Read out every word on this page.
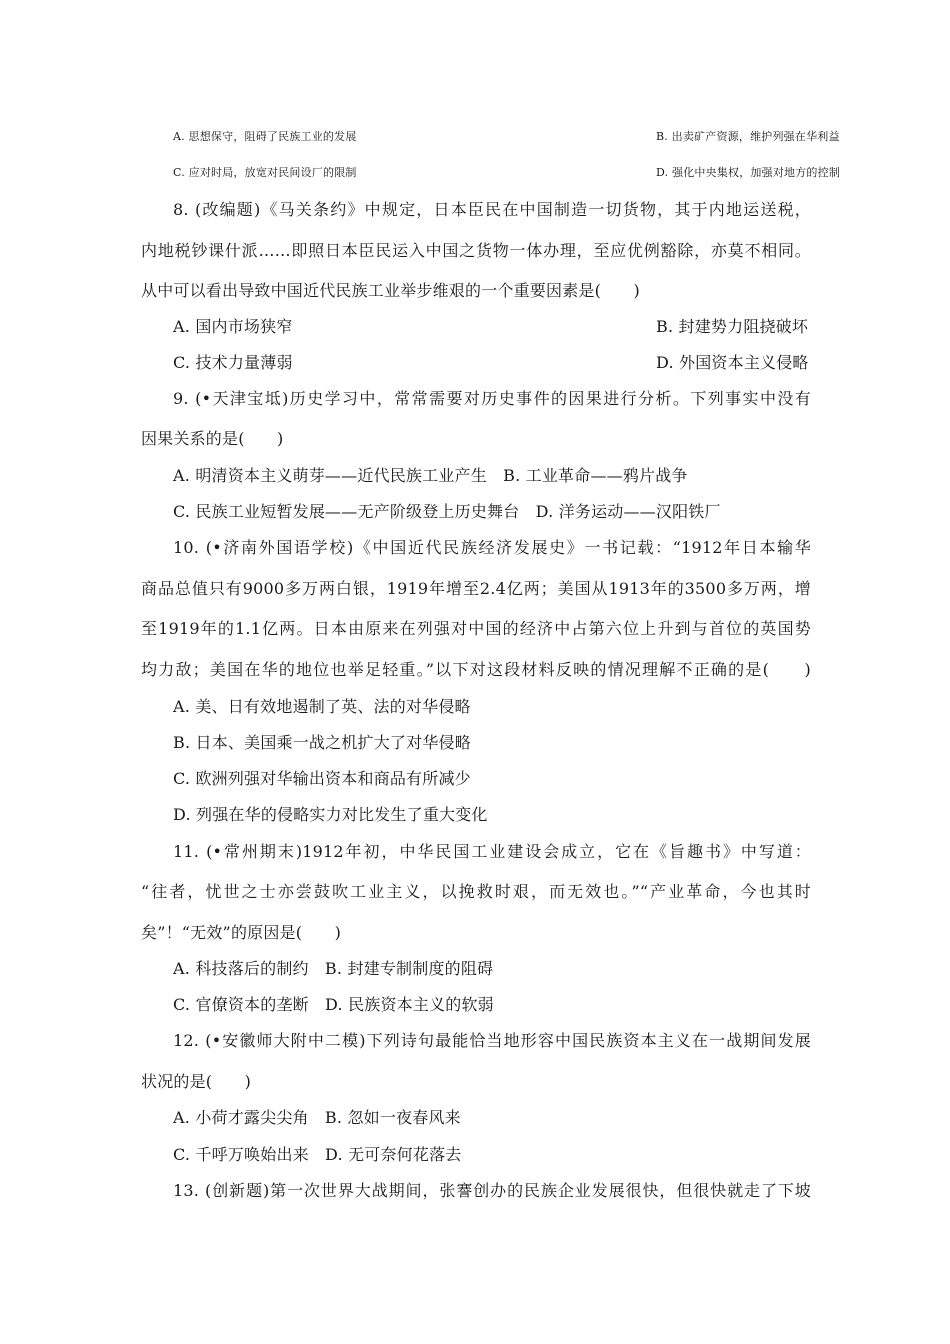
A. 思想保守，阻碍了民族工业的发展	B. 出卖矿产资源，维护列强在华利益
C. 应对时局，放宽对民间设厂的限制	D. 强化中央集权，加强对地方的控制
8. (改编题)《马关条约》中规定，日本臣民在中国制造一切货物，其于内地运送税，
内地税钞课什派……即照日本臣民运入中国之货物一体办理，至应优例豁除，亦莫不相同。
从中可以看出导致中国近代民族工业举步维艰的一个重要因素是(　　)
A. 国内市场狭窄	B. 封建势力阻挠破坏
C. 技术力量薄弱	D. 外国资本主义侵略
9. (•天津宝坻)历史学习中，常常需要对历史事件的因果进行分析。下列事实中没有
因果关系的是(　　)
A. 明清资本主义萌芽——近代民族工业产生　B. 工业革命——鸦片战争
C. 民族工业短暂发展——无产阶级登上历史舞台　D. 洋务运动——汉阳铁厂
10. (•济南外国语学校)《中国近代民族经济发展史》一书记载：“1912年日本输华
商品总值只有9000多万两白银，1919年增至2.4亿两；美国从1913年的3500多万两，增
至1919年的1.1亿两。日本由原来在列强对中国的经济中占第六位上升到与首位的英国势
均力敌；美国在华的地位也举足轻重。”以下对这段材料反映的情况理解不正确的是(　　)
A. 美、日有效地遏制了英、法的对华侵略
B. 日本、美国乘一战之机扩大了对华侵略
C. 欧洲列强对华输出资本和商品有所减少
D. 列强在华的侵略实力对比发生了重大变化
11. (•常州期末)1912年初，中华民国工业建设会成立，它在《旨趣书》中写道：
“往者，忧世之士亦尝鼓吹工业主义，以挽救时艰，而无效也。”“产业革命，今也其时
矣”！“无效”的原因是(　　)
A. 科技落后的制约　B. 封建专制制度的阻碍
C. 官僚资本的垄断　D. 民族资本主义的软弱
12. (•安徽师大附中二模)下列诗句最能恰当地形容中国民族资本主义在一战期间发展
状况的是(　　)
A. 小荷才露尖尖角　B. 忽如一夜春风来
C. 千呼万唤始出来　D. 无可奈何花落去
13. (创新题)第一次世界大战期间，张謇创办的民族企业发展很快，但很快就走了下坡
